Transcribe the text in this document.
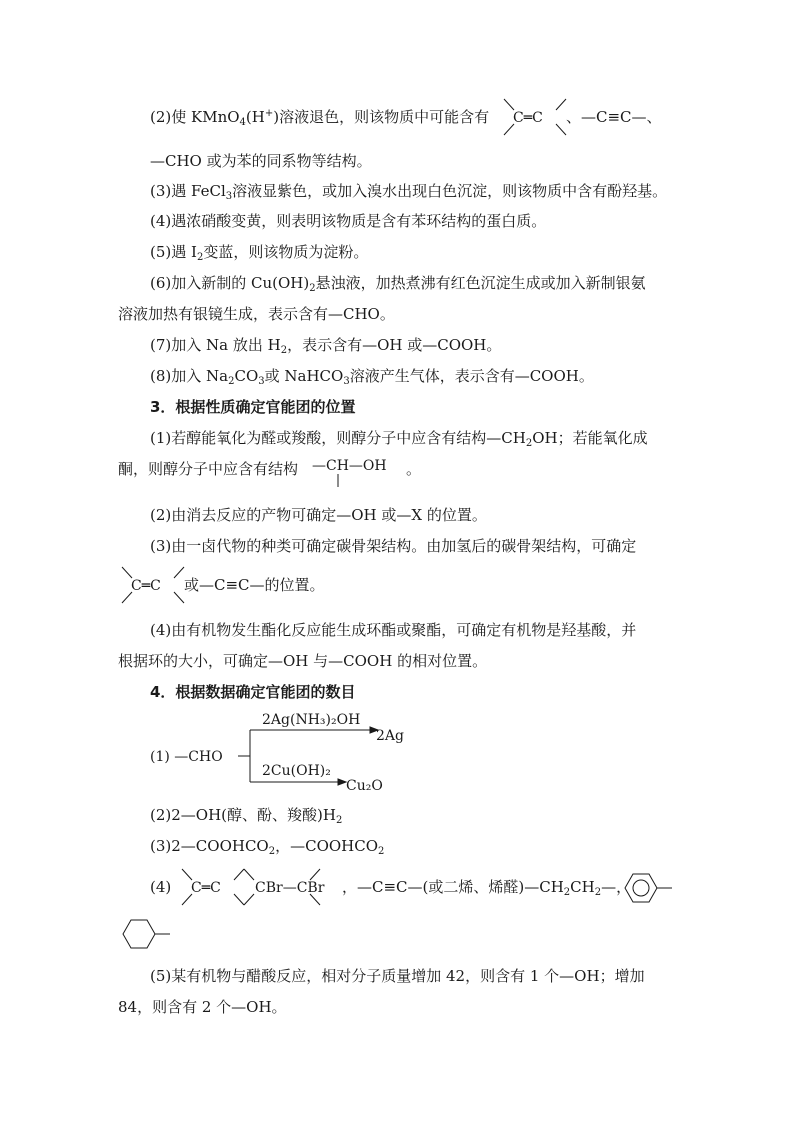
(2)使 KMnO$_4$(H+)溶液退色，则该物质中可能含有 C═C 、—C≡C—、
—CHO 或为苯的同系物等结构。
(3)遇 FeCl$_3$溶液显紫色，或加入溴水出现白色沉淀，则该物质中含有酚羟基。
(4)遇浓硝酸变黄，则表明该物质是含有苯环结构的蛋白质。
(5)遇 $I_2$变蓝，则该物质为淀粉。
(6)加入新制的 $Cu(OH)_2$悬浊液，加热煮沸有红色沉淀生成或加入新制银氨
溶液加热有银镜生成，表示含有—CHO。
(7)加入 Na 放出 $H_2$，表示含有—OH 或—COOH。
(8)加入 $Na_2CO_3$或 NaHCO$_3$溶液产生气体，表示含有—COOH。
3．根据性质确定官能团的位置
(1)若醇能氧化为醛或羧酸，则醇分子中应含有结构$—CH_2OH$；若能氧化成
酮，则醇分子中应含有结构 —CH—OH 。
(2)由消去反应的产物可确定—OH 或—X 的位置。
(3)由一卤代物的种类可确定碳骨架结构。由加氢后的碳骨架结构，可确定
C═C 或—C≡C—的位置。
(4)由有机物发生酯化反应能生成环酯或聚酯，可确定有机物是羟基酸，并
根据环的大小，可确定—OH 与—COOH 的相对位置。
4．根据数据确定官能团的数目
(1) —CHO
2Ag(NH₃)₂OH
2Ag
2Cu(OH)₂
Cu₂O
(2)2—OH(醇、酚、羧酸)$H_2$
$(3)2—COOHCO_2$，$—COOHCO_2$
(4) C═C CBr—CBr ，—C≡C—(或二烯、烯醛)$—CH_2CH_2—$，
(5)某有机物与醋酸反应，相对分子质量增加 42，则含有 1 个—OH；增加
84，则含有 2 个—OH。
